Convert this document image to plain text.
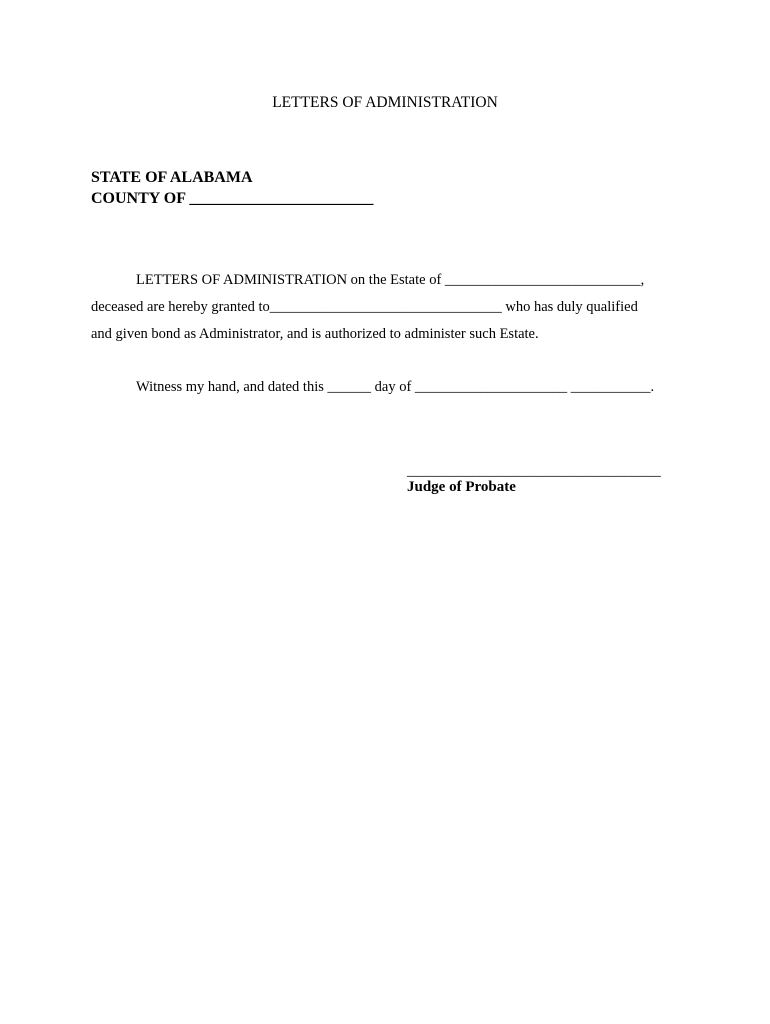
LETTERS OF ADMINISTRATION
STATE OF ALABAMA
COUNTY OF _______________________
LETTERS OF ADMINISTRATION on the Estate of ___________________________,
deceased are hereby granted to________________________________ who has duly qualified
and given bond as Administrator, and is authorized to administer such Estate.
Witness my hand, and dated this ______ day of _____________________ ___________.
___________________________________
Judge of Probate
